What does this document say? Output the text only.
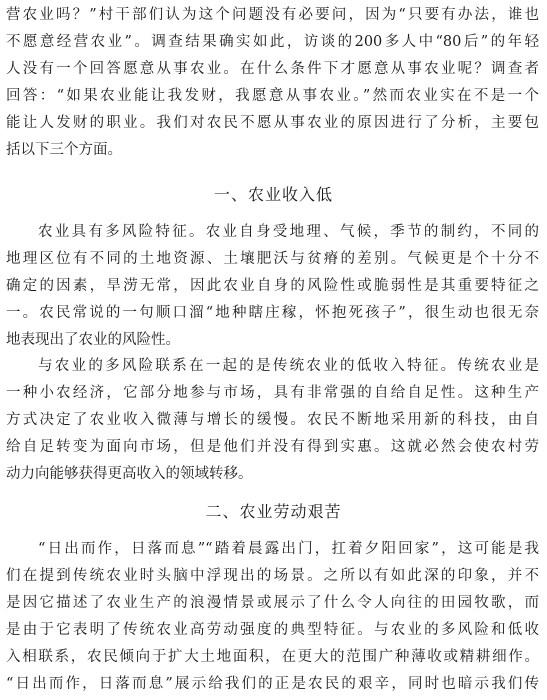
营农业吗？”村干部们认为这个问题没有必要问，因为“只要有办法，谁也
不愿意经营农业”。调查结果确实如此，访谈的200多人中“80后”的年轻
人没有一个回答愿意从事农业。在什么条件下才愿意从事农业呢？调查者
回答：“如果农业能让我发财，我愿意从事农业。”然而农业实在不是一个
能让人发财的职业。我们对农民不愿从事农业的原因进行了分析，主要包
括以下三个方面。
一、农业收入低
农业具有多风险特征。农业自身受地理、气候，季节的制约，不同的
地理区位有不同的土地资源、土壤肥沃与贫瘠的差别。气候更是个十分不
确定的因素，旱涝无常，因此农业自身的风险性或脆弱性是其重要特征之
一。农民常说的一句顺口溜“地种瞎庄稼，怀抱死孩子”，很生动也很无奈
地表现出了农业的风险性。
与农业的多风险联系在一起的是传统农业的低收入特征。传统农业是
一种小农经济，它部分地参与市场，具有非常强的自给自足性。这种生产
方式决定了农业收入微薄与增长的缓慢。农民不断地采用新的科技，由自
给自足转变为面向市场，但是他们并没有得到实惠。这就必然会使农村劳
动力向能够获得更高收入的领域转移。
二、农业劳动艰苦
“日出而作，日落而息”“踏着晨露出门，扛着夕阳回家”，这可能是我
们在提到传统农业时头脑中浮现出的场景。之所以有如此深的印象，并不
是因它描述了农业生产的浪漫情景或展示了什么令人向往的田园牧歌，而
是由于它表明了传统农业高劳动强度的典型特征。与农业的多风险和低收
入相联系，农民倾向于扩大土地面积，在更大的范围广种薄收或精耕细作。
“日出而作，日落而息”展示给我们的正是农民的艰辛，同时也暗示我们传
